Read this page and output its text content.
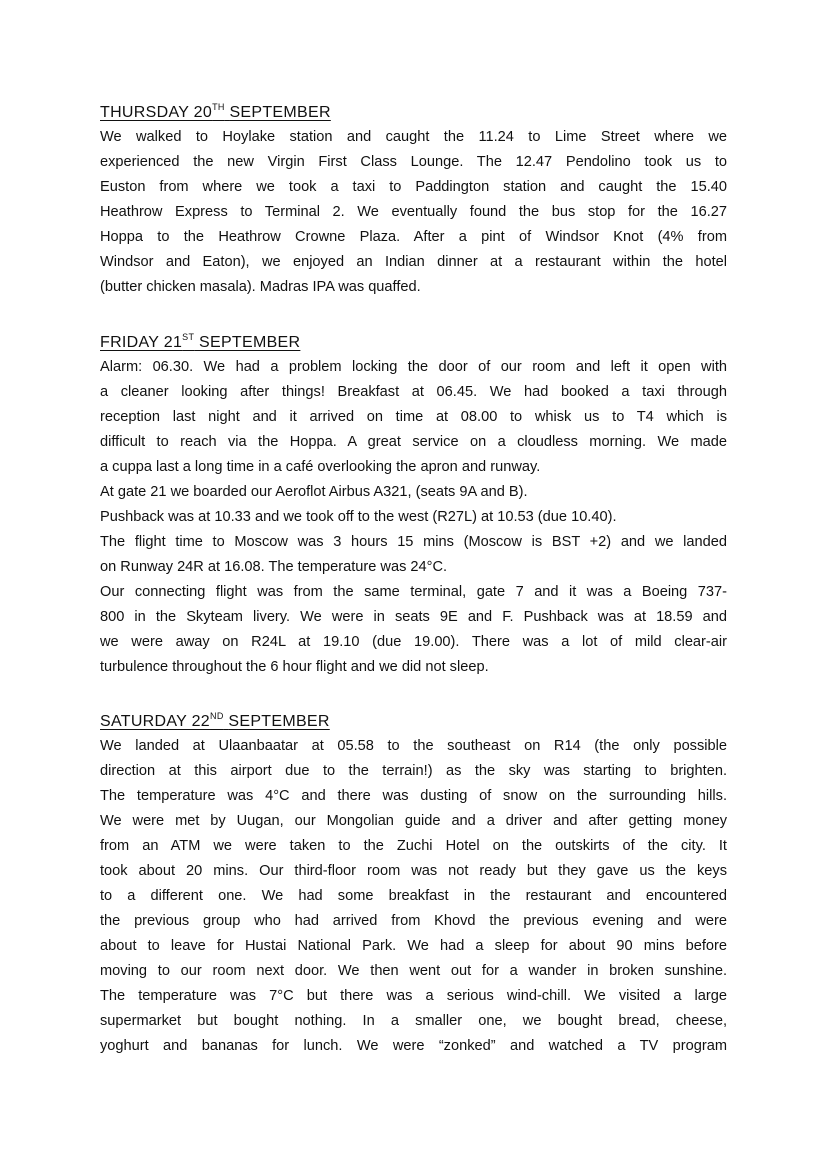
THURSDAY 20TH SEPTEMBER
We walked to Hoylake station and caught the 11.24 to Lime Street where we
experienced the new Virgin First Class Lounge. The 12.47 Pendolino took us to
Euston from where we took a taxi to Paddington station and caught the 15.40
Heathrow Express to Terminal 2. We eventually found the bus stop for the 16.27
Hoppa to the Heathrow Crowne Plaza. After a pint of Windsor Knot (4% from
Windsor and Eaton), we enjoyed an Indian dinner at a restaurant within the hotel
(butter chicken masala). Madras IPA was quaffed.
FRIDAY 21ST SEPTEMBER
Alarm: 06.30. We had a problem locking the door of our room and left it open with
a cleaner looking after things! Breakfast at 06.45. We had booked a taxi through
reception last night and it arrived on time at 08.00 to whisk us to T4 which is
difficult to reach via the Hoppa. A great service on a cloudless morning. We made
a cuppa last a long time in a café overlooking the apron and runway.
At gate 21 we boarded our Aeroflot Airbus A321, (seats 9A and B).
Pushback was at 10.33 and we took off to the west (R27L) at 10.53 (due 10.40).
The flight time to Moscow was 3 hours 15 mins (Moscow is BST +2) and we landed
on Runway 24R at 16.08. The temperature was 24°C.
Our connecting flight was from the same terminal, gate 7 and it was a Boeing 737-
800 in the Skyteam livery. We were in seats 9E and F. Pushback was at 18.59 and
we were away on R24L at 19.10 (due 19.00). There was a lot of mild clear-air
turbulence throughout the 6 hour flight and we did not sleep.
SATURDAY 22ND SEPTEMBER
We landed at Ulaanbaatar at 05.58 to the southeast on R14 (the only possible
direction at this airport due to the terrain!) as the sky was starting to brighten.
The temperature was 4°C and there was dusting of snow on the surrounding hills.
We were met by Uugan, our Mongolian guide and a driver and after getting money
from an ATM we were taken to the Zuchi Hotel on the outskirts of the city. It
took about 20 mins. Our third-floor room was not ready but they gave us the keys
to a different one. We had some breakfast in the restaurant and encountered
the previous group who had arrived from Khovd the previous evening and were
about to leave for Hustai National Park. We had a sleep for about 90 mins before
moving to our room next door. We then went out for a wander in broken sunshine.
The temperature was 7°C but there was a serious wind-chill. We visited a large
supermarket but bought nothing. In a smaller one, we bought bread, cheese,
yoghurt and bananas for lunch. We were “zonked” and watched a TV program
